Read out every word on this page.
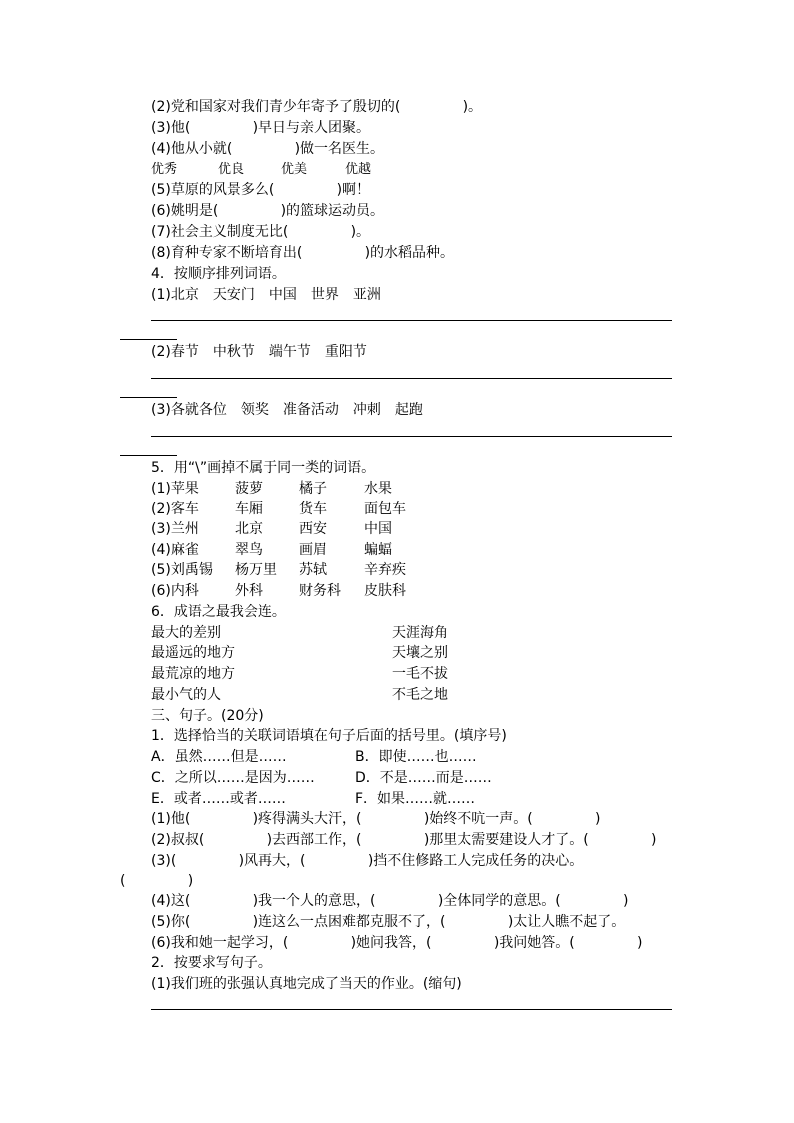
(2)党和国家对我们青少年寄予了殷切的(              )。
(3)他(              )早日与亲人团聚。
(4)他从小就(              )做一名医生。
优秀	优良	优美	优越
(5)草原的风景多么(              )啊！
(6)姚明是(              )的篮球运动员。
(7)社会主义制度无比(              )。
(8)育种专家不断培育出(              )的水稻品种。
4．按顺序排列词语。
(1)北京　天安门　中国　世界　亚洲
(2)春节　中秋节　端午节　重阳节
(3)各就各位　领奖　准备活动　冲刺　起跑
5．用“\”画掉不属于同一类的词语。
(1)苹果	菠萝	橘子	水果
(2)客车	车厢	货车	面包车
(3)兰州	北京	西安	中国
(4)麻雀	翠鸟	画眉	蝙蝠
(5)刘禹锡 杨万里 苏轼	辛弃疾
(6)内科	外科	财务科 皮肤科
6．成语之最我会连。
最大的差别	天涯海角
最遥远的地方	天壤之别
最荒凉的地方	一毛不拔
最小气的人	不毛之地
三、句子。(20分)
1．选择恰当的关联词语填在句子后面的括号里。(填序号)
A．虽然……但是……	B．即使……也……
C．之所以……是因为……	D．不是……而是……
E．或者……或者……	F．如果……就……
(1)他(              )疼得满头大汗，(              )始终不吭一声。(              )
(2)叔叔(              )去西部工作，(              )那里太需要建设人才了。(              )
(3)(              )风再大，(              )挡不住修路工人完成任务的决心。
(              )
(4)这(              )我一个人的意思，(              )全体同学的意思。(              )
(5)你(              )连这么一点困难都克服不了，(              )太让人瞧不起了。
(6)我和她一起学习，(              )她问我答，(              )我问她答。(              )
2．按要求写句子。
(1)我们班的张强认真地完成了当天的作业。(缩句)
